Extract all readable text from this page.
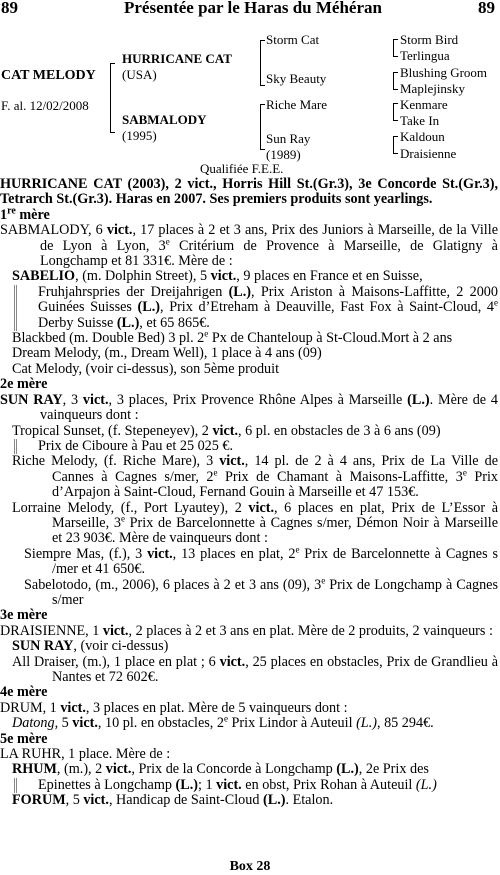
89	Présentée par le Haras du Méhéran	89
CAT MELODY
F. al. 12/02/2008
HURRICANE CAT
(USA)
SABMALODY
(1995)
Storm Cat
Sky Beauty
Riche Mare
Sun Ray
(1989)
Storm Bird
Terlingua
Blushing Groom
Maplejinsky
Kenmare
Take In
Kaldoun
Draisienne
Qualifiée F.E.E.

HURRICANE CAT (2003), 2 vict., Horris Hill St.(Gr.3), 3e Concorde St.(Gr.3), Tetrarch St.(Gr.3). Haras en 2007. Ses premiers produits sont yearlings.

1re mère

SABMALODY, 6 vict., 17 places à 2 et 3 ans, Prix des Juniors à Marseille, de la Ville de Lyon à Lyon, 3e Critérium de Provence à Marseille, de Glatigny à Longchamp et 81 331€. Mère de :

SABELIO, (m. Dolphin Street), 5 vict., 9 places en France et en Suisse,

Fruhjahrspries der Dreijahrigen (L.), Prix Ariston à Maisons-Laffitte, 2 2000 Guinées Suisses (L.), Prix d’Etreham à Deauville, Fast Fox à Saint-Cloud, 4e Derby Suisse (L.), et 65 865€.

Blackbed (m. Double Bed) 3 pl. 2e Px de Chanteloup à St-Cloud.Mort à 2 ans

Dream Melody, (m., Dream Well), 1 place à 4 ans (09)

Cat Melody, (voir ci-dessus), son 5ème produit

2e mère

SUN RAY, 3 vict., 3 places, Prix Provence Rhône Alpes à Marseille (L.). Mère de 4 vainqueurs dont :

Tropical Sunset, (f. Stepeneyev), 2 vict., 6 pl. en obstacles de 3 à 6 ans (09)

Prix de Ciboure à Pau et 25 025 €.

Riche Melody, (f. Riche Mare), 3 vict., 14 pl. de 2 à 4 ans, Prix de La Ville de Cannes à Cagnes s/mer, 2e Prix de Chamant à Maisons-Laffitte, 3e Prix d’Arpajon à Saint-Cloud, Fernand Gouin à Marseille et 47 153€.

Lorraine Melody, (f., Port Lyautey), 2 vict., 6 places en plat, Prix de L’Essor à Marseille, 3e Prix de Barcelonnette à Cagnes s/mer, Démon Noir à Marseille et 23 903€. Mère de vainqueurs dont :

Siempre Mas, (f.), 3 vict., 13 places en plat, 2e Prix de Barcelonnette à Cagnes s /mer et 41 650€.

Sabelotodo, (m., 2006), 6 places à 2 et 3 ans (09), 3e Prix de Longchamp à Cagnes s/mer

3e mère

DRAISIENNE, 1 vict., 2 places à 2 et 3 ans en plat. Mère de 2 produits, 2 vainqueurs :

SUN RAY, (voir ci-dessus)

All Draiser, (m.), 1 place en plat ; 6 vict., 25 places en obstacles, Prix de Grandlieu à Nantes et 72 602€.

4e mère

DRUM, 1 vict., 3 places en plat. Mère de 5 vainqueurs dont :

Datong, 5 vict., 10 pl. en obstacles, 2e Prix Lindor à Auteuil (L.), 85 294€.

5e mère

LA RUHR, 1 place. Mère de :

RHUM, (m.), 2 vict., Prix de la Concorde à Longchamp (L.), 2e Prix des

Epinettes à Longchamp (L.); 1 vict. en obst, Prix Rohan à Auteuil (L.)

FORUM, 5 vict., Handicap de Saint-Cloud (L.). Etalon.

Box 28
